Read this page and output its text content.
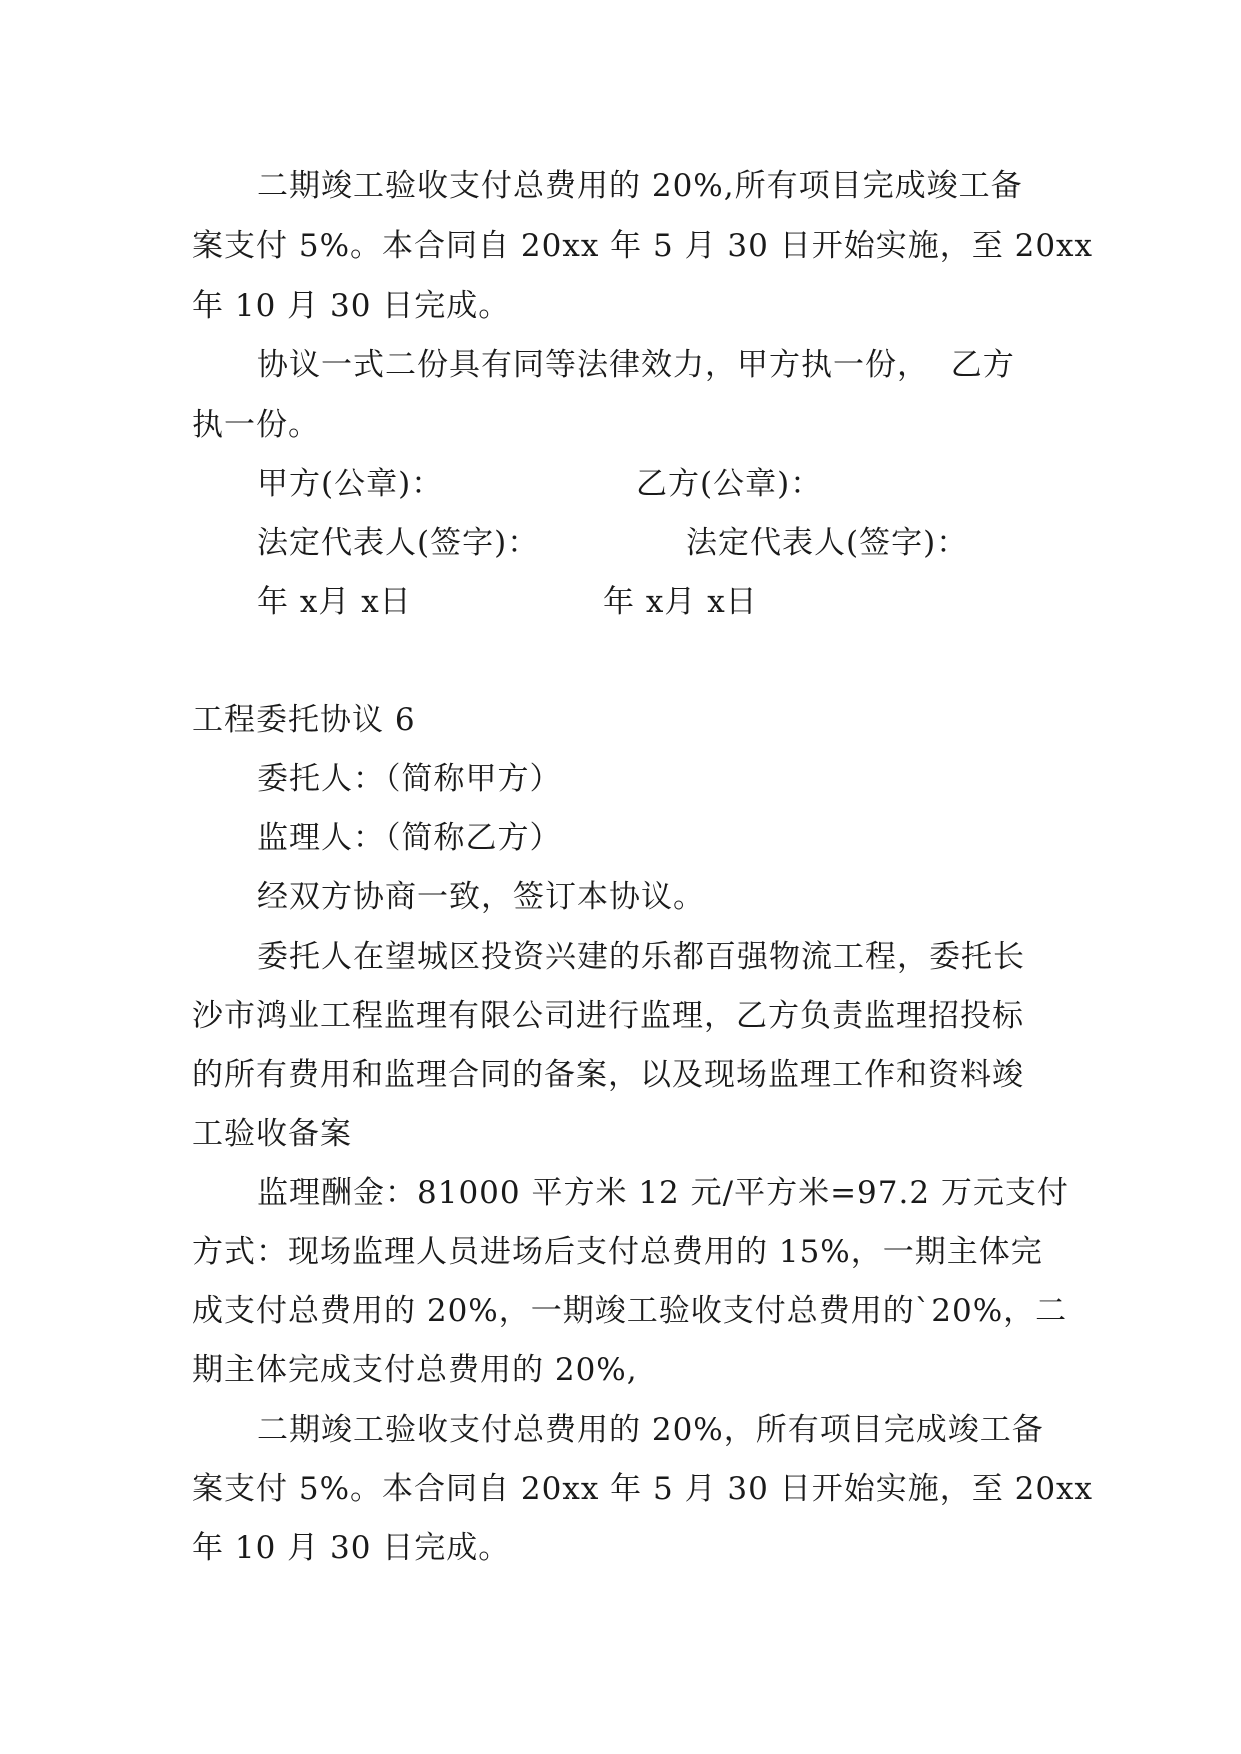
二期竣工验收支付总费用的 20%,所有项目完成竣工备
案支付 5%。本合同自 20xx 年 5 月 30 日开始实施，至 20xx
年 10 月 30 日完成。
协议一式二份具有同等法律效力，甲方执一份，  乙方
执一份。
甲方(公章)：	乙方(公章)：
法定代表人(签字)：	法定代表人(签字)：
年 x月 x日	年 x月 x日
工程委托协议 6
委托人：（简称甲方）
监理人：（简称乙方）
经双方协商一致，签订本协议。
委托人在望城区投资兴建的乐都百强物流工程，委托长
沙市鸿业工程监理有限公司进行监理，乙方负责监理招投标
的所有费用和监理合同的备案，以及现场监理工作和资料竣
工验收备案
监理酬金：81000 平方米 12 元/平方米=97.2 万元支付
方式：现场监理人员进场后支付总费用的 15%，一期主体完
成支付总费用的 20%，一期竣工验收支付总费用的`20%，二
期主体完成支付总费用的 20%,
二期竣工验收支付总费用的 20%，所有项目完成竣工备
案支付 5%。本合同自 20xx 年 5 月 30 日开始实施，至 20xx
年 10 月 30 日完成。
